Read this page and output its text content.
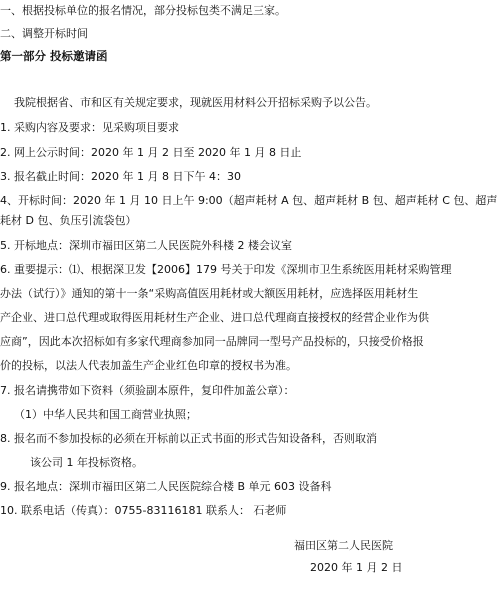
一、根据投标单位的报名情况，部分投标包类不满足三家。
二、调整开标时间
第一部分 投标邀请函
我院根据省、市和区有关规定要求，现就医用材料公开招标采购予以公告。
1. 采购内容及要求：见采购项目要求
2. 网上公示时间：2020 年 1 月 2 日至 2020 年 1 月 8 日止
3. 报名截止时间：2020 年 1 月 8 日下午 4：30
4、开标时间：2020 年 1 月 10 日上午 9:00（超声耗材 A 包、超声耗材 B 包、超声耗材 C 包、超声
耗材 D 包、负压引流袋包）
5. 开标地点：深圳市福田区第二人民医院外科楼 2 楼会议室
6. 重要提示：⑴、根据深卫发【2006】179 号关于印发《深圳市卫生系统医用耗材采购管理
办法（试行）》通知的第十一条“采购高值医用耗材或大额医用耗材，应选择医用耗材生
产企业、进口总代理或取得医用耗材生产企业、进口总代理商直接授权的经营企业作为供
应商”，因此本次招标如有多家代理商参加同一品牌同一型号产品投标的，只接受价格报
价的投标，以法人代表加盖生产企业红色印章的授权书为准。
7. 报名请携带如下资料（须验副本原件，复印件加盖公章）：
（1）中华人民共和国工商营业执照；
8. 报名而不参加投标的必须在开标前以正式书面的形式告知设备科，否则取消
该公司 1 年投标资格。
9. 报名地点：深圳市福田区第二人民医院综合楼 B 单元 603 设备科
10. 联系电话（传真）：0755-83116181 联系人： 石老师
福田区第二人民医院
2020 年 1 月 2 日
